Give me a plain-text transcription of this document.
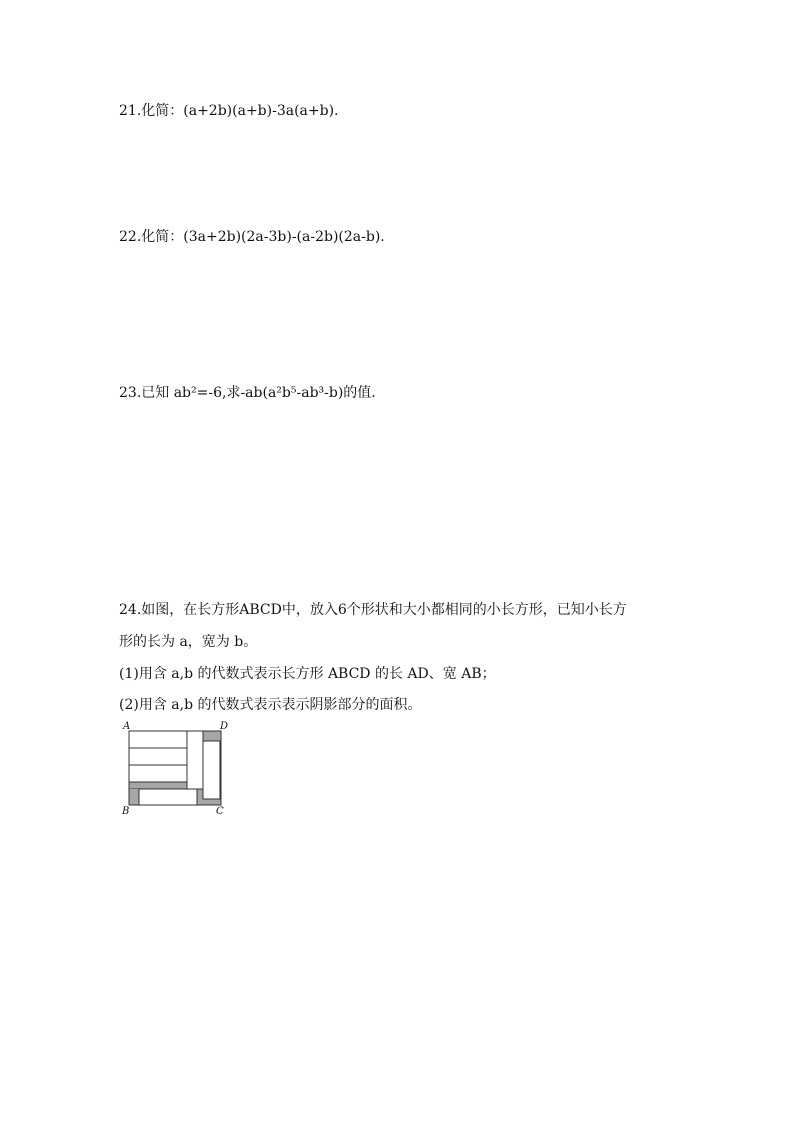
21.化简：(a+2b)(a+b)-3a(a+b).
22.化简：(3a+2b)(2a-3b)-(a-2b)(2a-b).
23.已知 ab²=-6,求-ab(a²b⁵-ab³-b)的值.
24.如图，在长方形ABCD中，放入6个形状和大小都相同的小长方形，已知小长方
形的长为 a，宽为 b。
(1)用含 a,b 的代数式表示长方形 ABCD 的长 AD、宽 AB；
(2)用含 a,b 的代数式表示表示阴影部分的面积。
A	D
B	C
